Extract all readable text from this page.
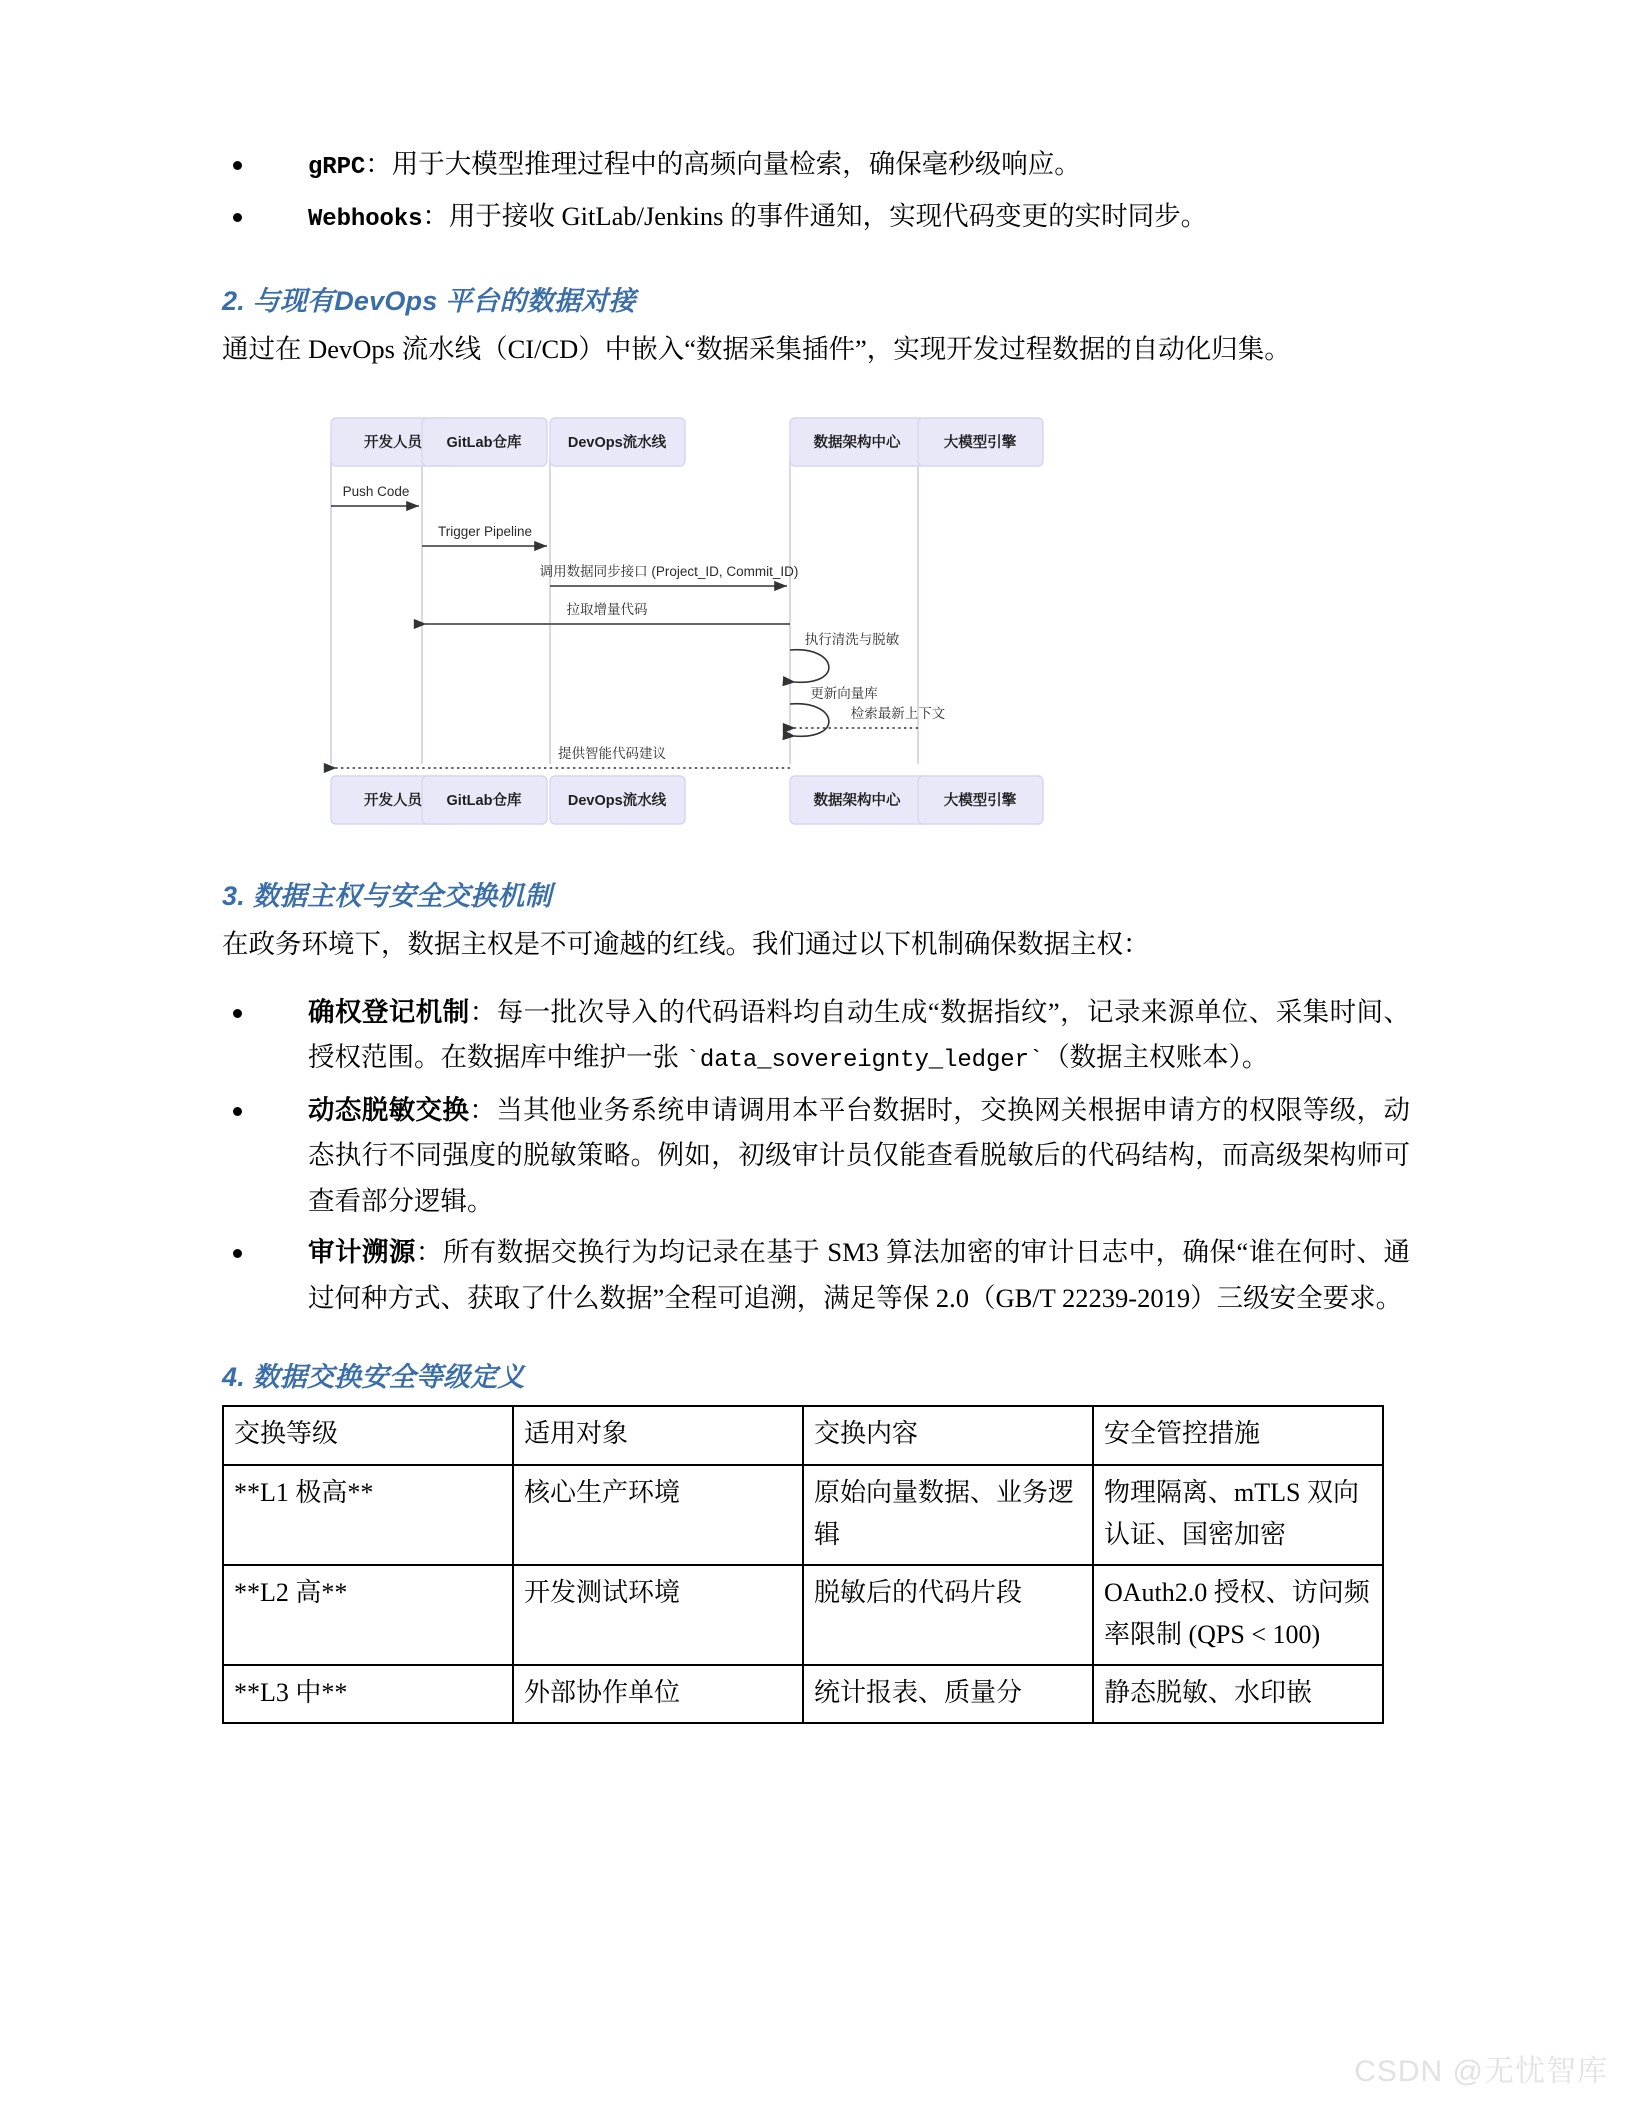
gRPC：用于大模型推理过程中的高频向量检索，确保毫秒级响应。
Webhooks：用于接收 GitLab/Jenkins 的事件通知，实现代码变更的实时同步。
2. 与现有DevOps 平台的数据对接

通过在 DevOps 流水线（CI/CD）中嵌入“数据采集插件”，实现开发过程数据的自动化归集。

开发人员 GitLab仓库	DevOps流水线	数据架构中心	大模型引擎
Push Code
Trigger Pipeline
调用数据同步接口 (Project_ID, Commit_ID)
拉取增量代码
执行清洗与脱敏
更新向量库
检索最新上下文
提供智能代码建议
开发人员 GitLab仓库	DevOps流水线	数据架构中心	大模型引擎
3. 数据主权与安全交换机制

在政务环境下，数据主权是不可逾越的红线。我们通过以下机制确保数据主权：

确权登记机制：每一批次导入的代码语料均自动生成“数据指纹”，记录来源单位、采集时间、授权范围。在数据库中维护一张 `data_sovereignty_ledger`（数据主权账本）。
动态脱敏交换：当其他业务系统申请调用本平台数据时，交换网关根据申请方的权限等级，动态执行不同强度的脱敏策略。例如，初级审计员仅能查看脱敏后的代码结构，而高级架构师可查看部分逻辑。
审计溯源：所有数据交换行为均记录在基于 SM3 算法加密的审计日志中，确保“谁在何时、通过何种方式、获取了什么数据”全程可追溯，满足等保 2.0（GB/T 22239-2019）三级安全要求。
4. 数据交换安全等级定义
交换等级	适用对象	交换内容	安全管控措施
**L1 极高**	核心生产环境	原始向量数据、业务逻辑	物理隔离、mTLS 双向认证、国密加密
**L2 高**	开发测试环境	脱敏后的代码片段	OAuth2.0 授权、访问频率限制 (QPS < 100)
**L3 中**	外部协作单位	统计报表、质量分	静态脱敏、水印嵌
CSDN @无忧智库
